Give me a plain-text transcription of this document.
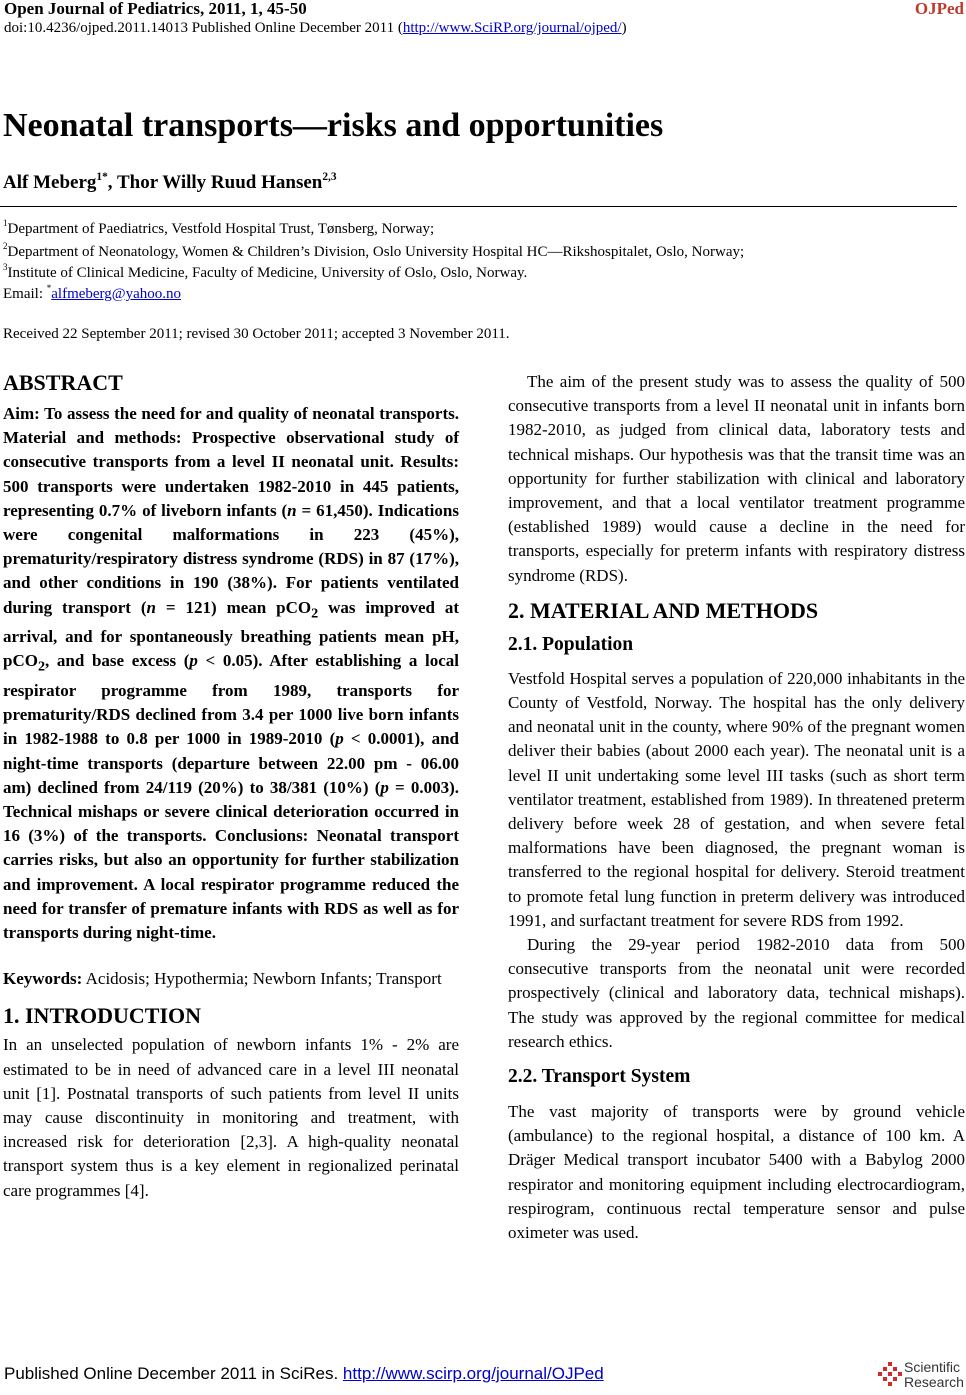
Open Journal of Pediatrics, 2011, 1, 45-50	OJPed
doi:10.4236/ojped.2011.14013 Published Online December 2011 (http://www.SciRP.org/journal/ojped/)
Neonatal transports—risks and opportunities
Alf Meberg$^{1*}$, Thor Willy Ruud Hansen$^{2,3}$
$^1$Department of Paediatrics, Vestfold Hospital Trust, Tønsberg, Norway;
$^2$Department of Neonatology, Women & Children’s Division, Oslo University Hospital HC—Rikshospitalet, Oslo, Norway;
$^3$Institute of Clinical Medicine, Faculty of Medicine, University of Oslo, Oslo, Norway.
Email: *alfmeberg@yahoo.no
Received 22 September 2011; revised 30 October 2011; accepted 3 November 2011.
ABSTRACT

Aim: To assess the need for and quality of neonatal transports. Material and methods: Prospective observational study of consecutive transports from a level II neonatal unit. Results: 500 transports were undertaken 1982-2010 in 445 patients, representing 0.7% of liveborn infants (n = 61,450). Indications were congenital malformations in 223 (45%), prematurity/respiratory distress syndrome (RDS) in 87 (17%), and other conditions in 190 (38%). For patients ventilated during transport (n = 121) mean pCO$_2$ was improved at arrival, and for spontaneously breathing patients mean pH, pCO$_2$, and base excess (p < 0.05). After establishing a local respirator programme from 1989, transports for prematurity/RDS declined from 3.4 per 1000 live born infants in 1982-1988 to 0.8 per 1000 in 1989-2010 (p < 0.0001), and night-time transports (departure between 22.00 pm - 06.00 am) declined from 24/119 (20%) to 38/381 (10%) (p = 0.003). Technical mishaps or severe clinical deterioration occurred in 16 (3%) of the transports. Conclusions: Neonatal transport carries risks, but also an opportunity for further stabilization and improvement. A local respirator programme reduced the need for transfer of premature infants with RDS as well as for transports during night-time.

Keywords: Acidosis; Hypothermia; Newborn Infants; Transport

1. INTRODUCTION

In an unselected population of newborn infants 1% - 2% are estimated to be in need of advanced care in a level III neonatal unit [1]. Postnatal transports of such patients from level II units may cause discontinuity in monitoring and treatment, with increased risk for deterioration [2,3]. A high-quality neonatal transport system thus is a key element in regionalized perinatal care programmes [4].

The aim of the present study was to assess the quality of 500 consecutive transports from a level II neonatal unit in infants born 1982-2010, as judged from clinical data, laboratory tests and technical mishaps. Our hypothesis was that the transit time was an opportunity for further stabilization with clinical and laboratory improvement, and that a local ventilator treatment programme (established 1989) would cause a decline in the need for transports, especially for preterm infants with respiratory distress syndrome (RDS).

2. MATERIAL AND METHODS
2.1. Population

Vestfold Hospital serves a population of 220,000 inhabitants in the County of Vestfold, Norway. The hospital has the only delivery and neonatal unit in the county, where 90% of the pregnant women deliver their babies (about 2000 each year). The neonatal unit is a level II unit undertaking some level III tasks (such as short term ventilator treatment, established from 1989). In threatened preterm delivery before week 28 of gestation, and when severe fetal malformations have been diagnosed, the pregnant woman is transferred to the regional hospital for delivery. Steroid treatment to promote fetal lung function in preterm delivery was introduced 1991, and surfactant treatment for severe RDS from 1992.

During the 29-year period 1982-2010 data from 500 consecutive transports from the neonatal unit were recorded prospectively (clinical and laboratory data, technical mishaps). The study was approved by the regional committee for medical research ethics.

2.2. Transport System

The vast majority of transports were by ground vehicle (ambulance) to the regional hospital, a distance of 100 km. A Dräger Medical transport incubator 5400 with a Babylog 2000 respirator and monitoring equipment including electrocardiogram, respirogram, continuous rectal temperature sensor and pulse oximeter was used.

Published Online December 2011 in SciRes. http://www.scirp.org/journal/OJPed	Scientific
Research
